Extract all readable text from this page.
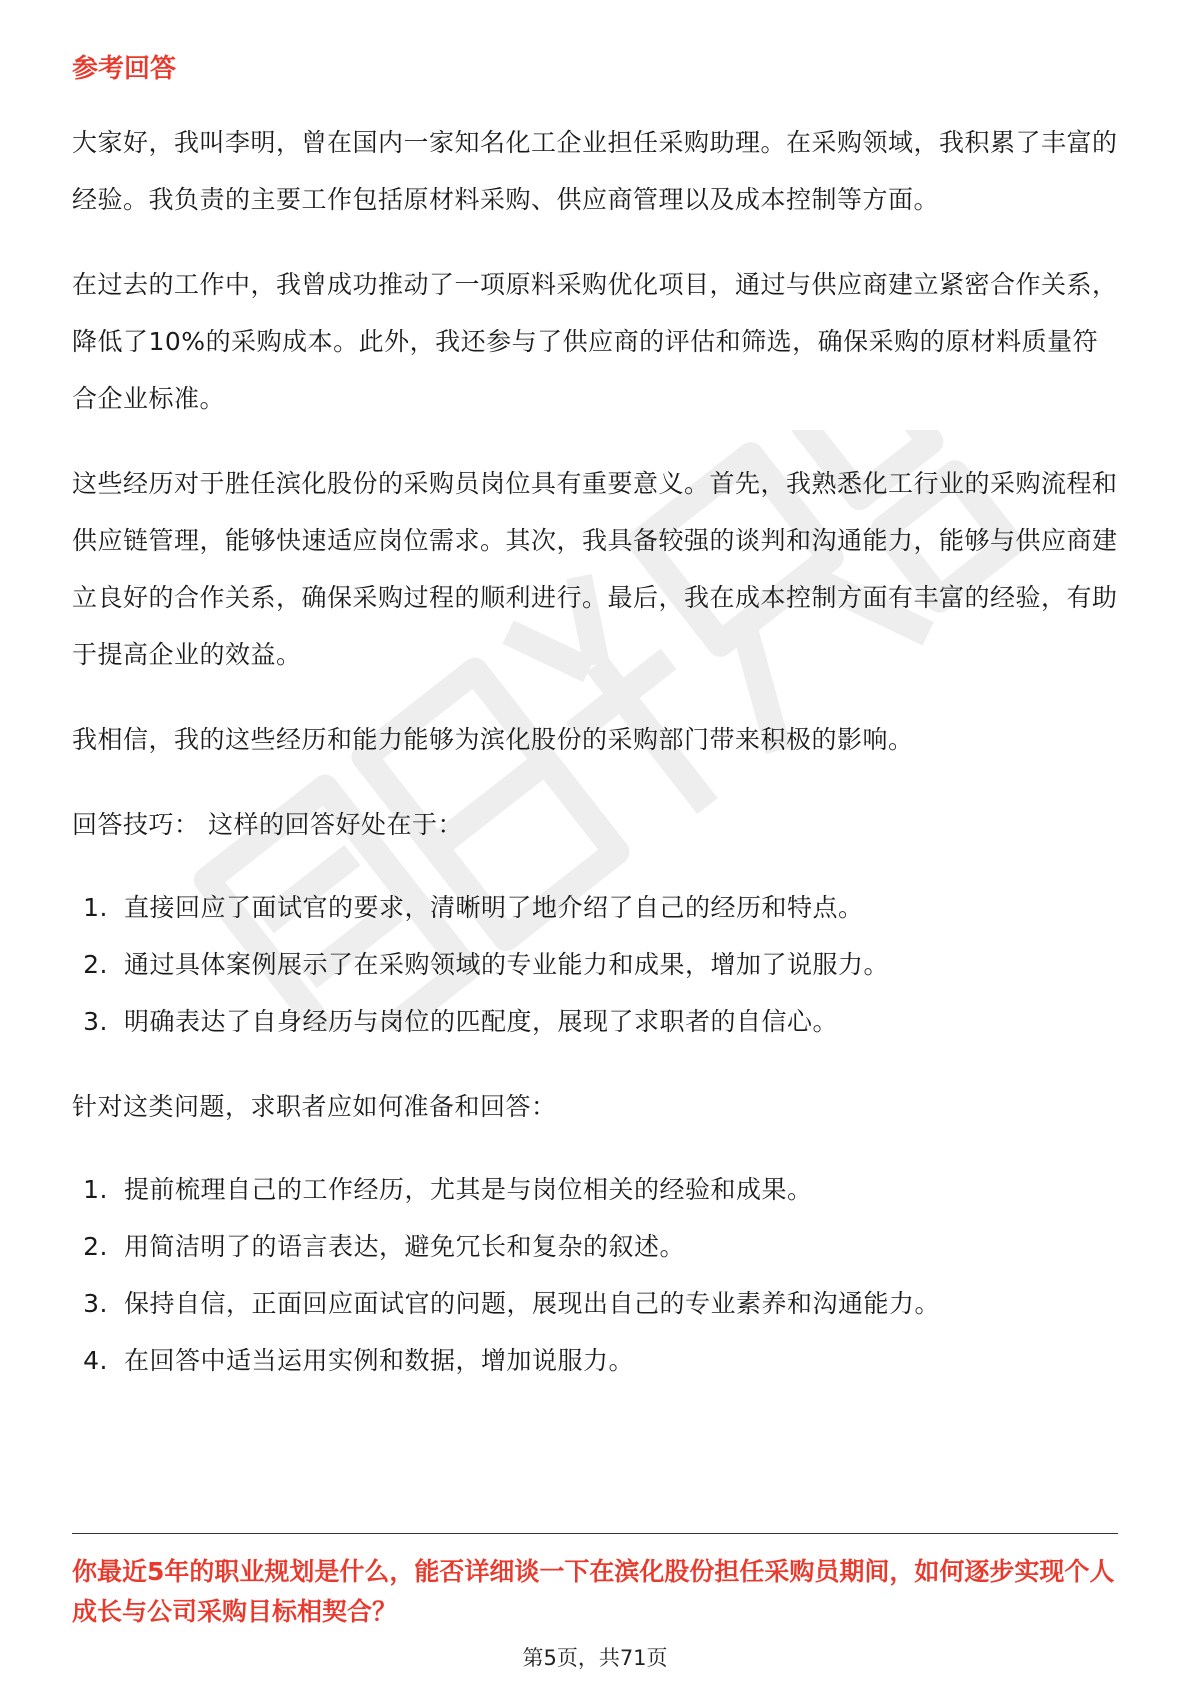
参考回答

大家好，我叫李明，曾在国内一家知名化工企业担任采购助理。在采购领域，我积累了丰富的经验。我负责的主要工作包括原材料采购、供应商管理以及成本控制等方面。

在过去的工作中，我曾成功推动了一项原料采购优化项目，通过与供应商建立紧密合作关系，降低了10%的采购成本。此外，我还参与了供应商的评估和筛选，确保采购的原材料质量符合企业标准。

这些经历对于胜任滨化股份的采购员岗位具有重要意义。首先，我熟悉化工行业的采购流程和供应链管理，能够快速适应岗位需求。其次，我具备较强的谈判和沟通能力，能够与供应商建立良好的合作关系，确保采购过程的顺利进行。最后，我在成本控制方面有丰富的经验，有助于提高企业的效益。

我相信，我的这些经历和能力能够为滨化股份的采购部门带来积极的影响。

回答技巧： 这样的回答好处在于：

1. 直接回应了面试官的要求，清晰明了地介绍了自己的经历和特点。
2. 通过具体案例展示了在采购领域的专业能力和成果，增加了说服力。
3. 明确表达了自身经历与岗位的匹配度，展现了求职者的自信心。

针对这类问题，求职者应如何准备和回答：

1. 提前梳理自己的工作经历，尤其是与岗位相关的经验和成果。
2. 用简洁明了的语言表达，避免冗长和复杂的叙述。
3. 保持自信，正面回应面试官的问题，展现出自己的专业素养和沟通能力。
4. 在回答中适当运用实例和数据，增加说服力。
你最近5年的职业规划是什么，能否详细谈一下在滨化股份担任采购员期间，如何逐步实现个人成长与公司采购目标相契合？
第5页，共71页
